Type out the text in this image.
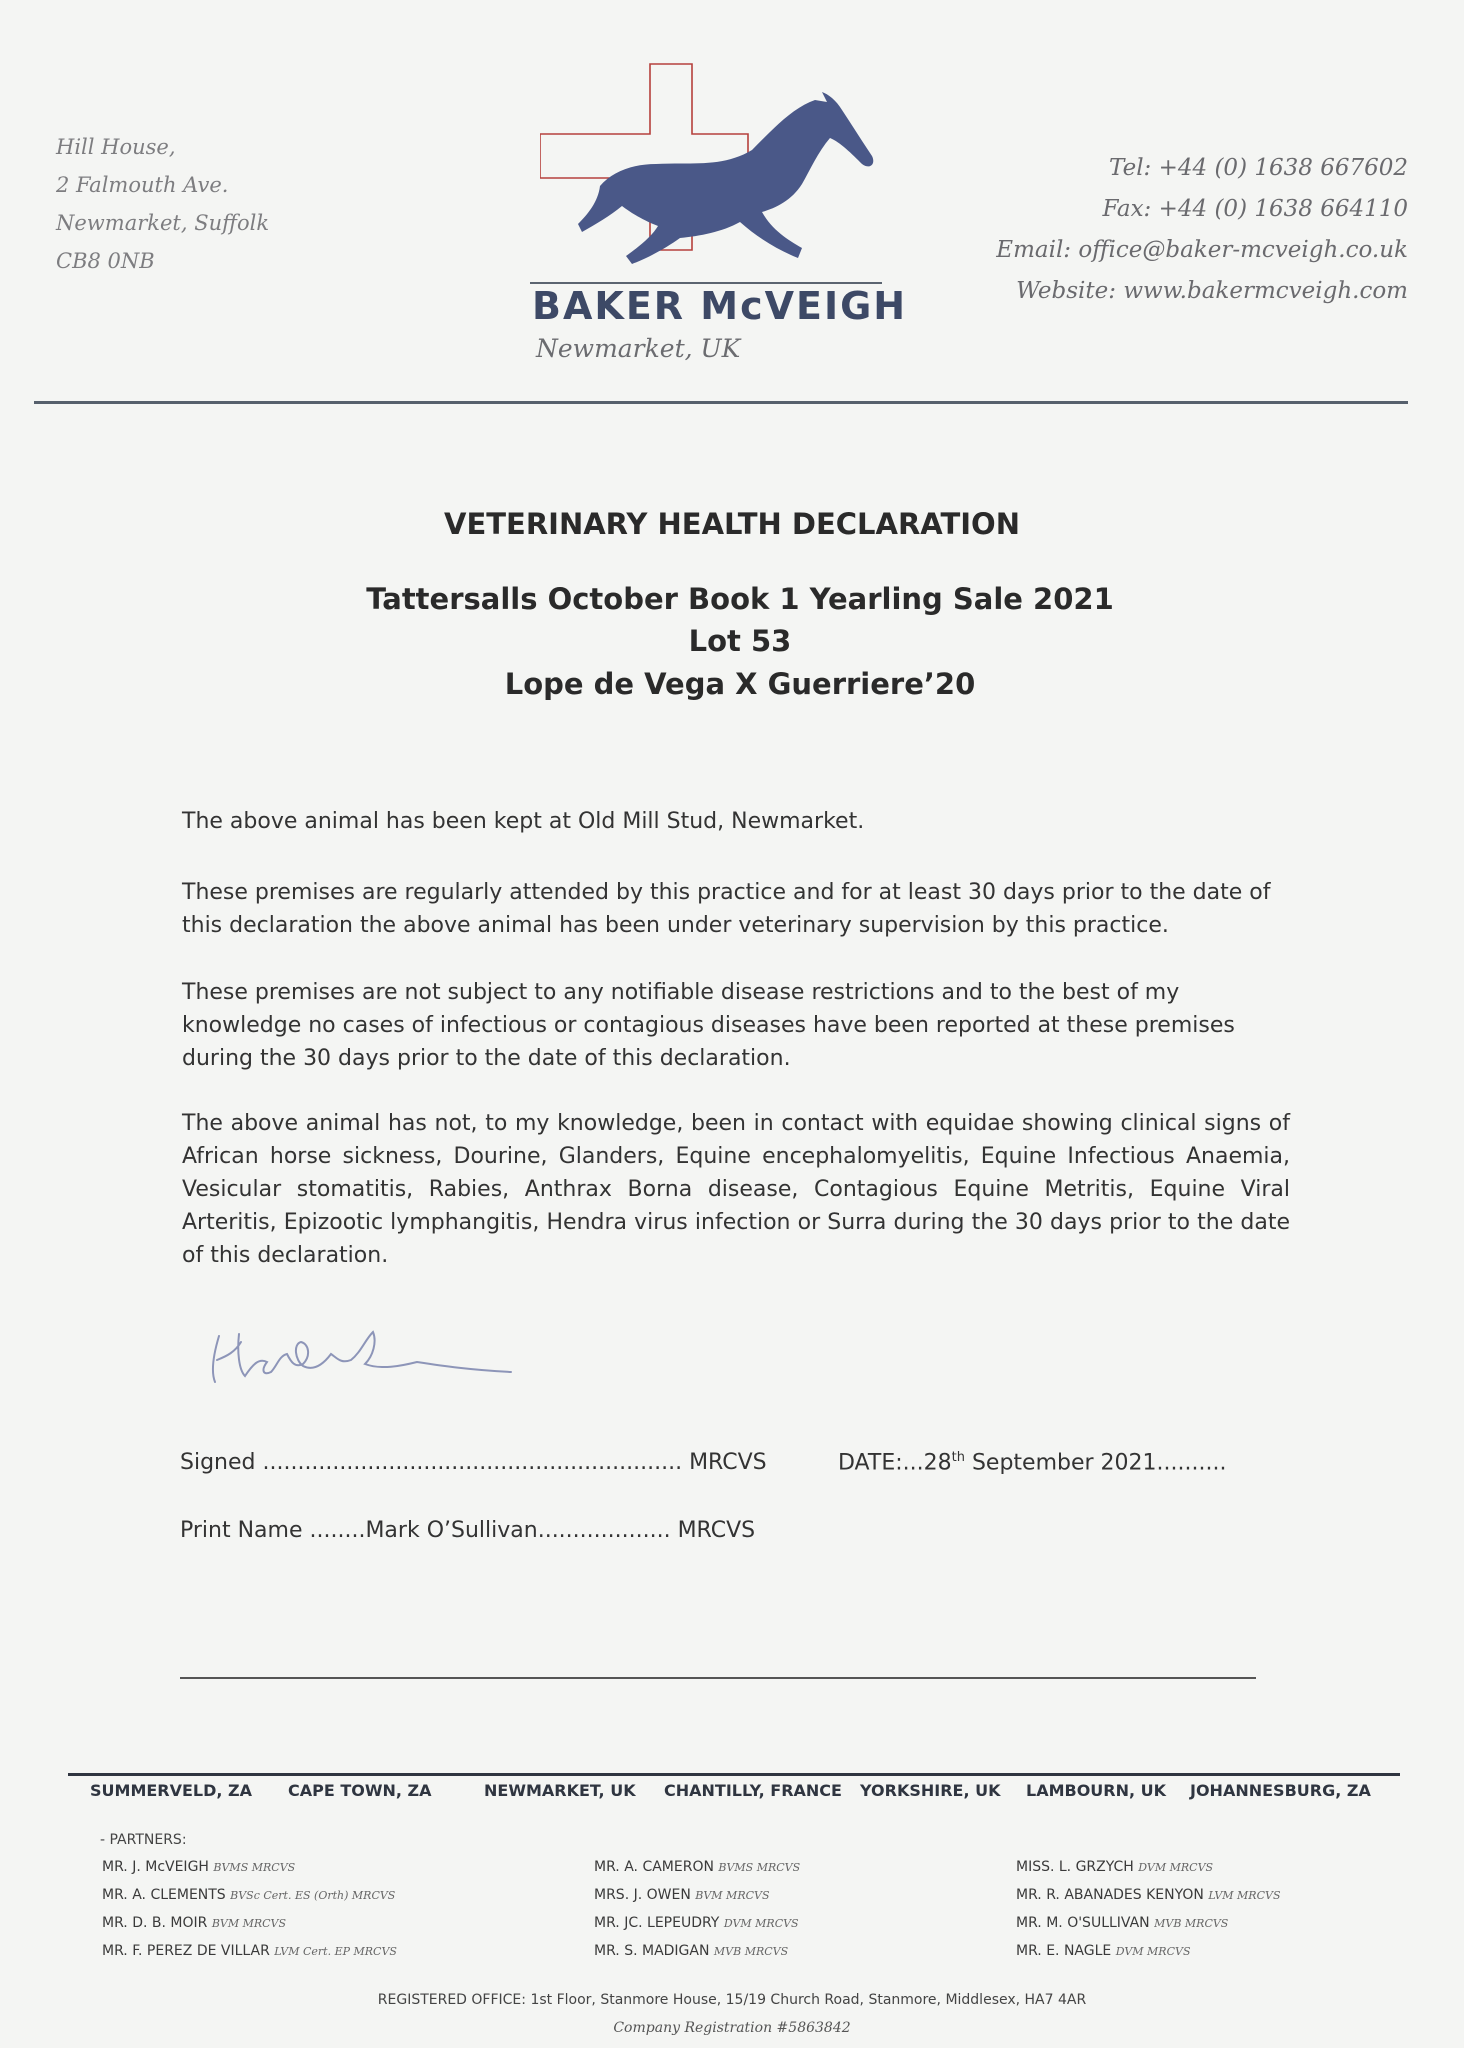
Hill House,
2 Falmouth Ave.
Newmarket, Suffolk
CB8 0NB
BAKER McVEIGH
Newmarket, UK
Tel: +44 (0) 1638 667602
Fax: +44 (0) 1638 664110
Email: office@baker-mcveigh.co.uk
Website: www.bakermcveigh.com
VETERINARY HEALTH DECLARATION
Tattersalls October Book 1 Yearling Sale 2021
Lot 53
Lope de Vega X Guerriere’20

The above animal has been kept at Old Mill Stud, Newmarket.

These premises are regularly attended by this practice and for at least 30 days prior to the date of this declaration the above animal has been under veterinary supervision by this practice.

These premises are not subject to any notifiable disease restrictions and to the best of my knowledge no cases of infectious or contagious diseases have been reported at these premises during the 30 days prior to the date of this declaration.

The above animal has not, to my knowledge, been in contact with equidae showing clinical signs of African horse sickness, Dourine, Glanders, Equine encephalomyelitis, Equine Infectious Anaemia, Vesicular stomatitis, Rabies, Anthrax Borna disease, Contagious Equine Metritis, Equine Viral Arteritis, Epizootic lymphangitis, Hendra virus infection or Surra during the 30 days prior to the date of this declaration.

Signed ............................................................ MRCVS	DATE:...28th September 2021..........
Print Name ........Mark O’Sullivan................... MRCVS
SUMMERVELD, ZA CAPE TOWN, ZA	NEWMARKET, UK CHANTILLY, FRANCE YORKSHIRE, UK LAMBOURN, UK JOHANNESBURG, ZA
- PARTNERS:
MR. J. McVEIGH BVMS MRCVS
MR. A. CLEMENTS BVSc Cert. ES (Orth) MRCVS
MR. D. B. MOIR BVM MRCVS
MR. F. PEREZ DE VILLAR LVM Cert. EP MRCVS
MR. A. CAMERON BVMS MRCVS
MRS. J. OWEN BVM MRCVS
MR. JC. LEPEUDRY DVM MRCVS
MR. S. MADIGAN MVB MRCVS
MISS. L. GRZYCH DVM MRCVS
MR. R. ABANADES KENYON LVM MRCVS
MR. M. O'SULLIVAN MVB MRCVS
MR. E. NAGLE DVM MRCVS
REGISTERED OFFICE: 1st Floor, Stanmore House, 15/19 Church Road, Stanmore, Middlesex, HA7 4AR
Company Registration #5863842
